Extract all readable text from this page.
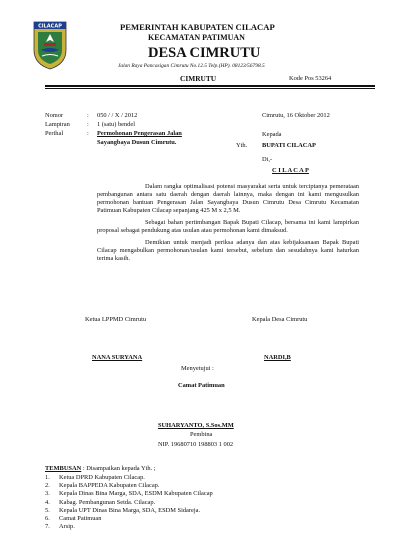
CILACAP	PEMERINTAH KABUPATEN CILACAP
KECAMATAN PATIMUAN
DESA CIMRUTU
Jalan Raya Pancasigan Cimrutu No.12.5 Telp.(HP). 08123/56798.5
CIMRUTU	Kode Pos 53264
Nomor	: 050 / / X / 2012
Lampiran	: 1 (satu) bendel
Perihal	: Permohonan Pengerasan Jalan
Sayangbaya Dusun Cimrutu.
Cimrutu, 16 Oktober 2012
Kepada
Yth. BUPATI CILACAP
Di,-
C I L A C A P

Dalam rangka optimalisasi potensi masyarakat serta untuk terciptanya pemerataan pembangunan antara satu daerah dengan daerah lainnya, maka dengan ini kami mengusulkan permohonan bantuan Pengerasan Jalan Sayangbaya Dusun Cimrutu Desa Cimrutu Kecamatan Patimuan Kabupaten Cilacap sepanjang 425 M x 2,5 M.

Sebagai bahan pertimbangan Bapak Bupati Cilacap, bersama ini kami lampirkan proposal sebagai pendukung atas usulan atau permohonan kami dimaksud.

Demikian untuk menjadi periksa adanya dan atas kebijaksanaan Bapak Bupati Cilacap mengabulkan permohonan/usulan kami tersebut, sebelum dan sesudahnya kami haturkan terima kasih.

Ketua LPPMD Cimrutu	Kepala Desa Cimrutu
NANA SURYANA	NARDI,B
Menyetujui :
Camat Patimuan
SUHARYANTO, S.Sos.MM
Pembina
NIP. 19680710 198803 1 002
TEMBUSAN : Disampaikan kepada Yth. ;
1. Ketua DPRD Kabupaten Cilacap.
2. Kepala BAPPEDA Kabupaten Cilacap.
3. Kepala Dinas Bina Marga, SDA, ESDM Kabupaten Cilacap
4. Kabag. Pembangunan Setda. Cilacap.
5. Kepala UPT Dinas Bina Marga, SDA, ESDM Sidareja.
6. Camat Patimuan
7. Arsip.
